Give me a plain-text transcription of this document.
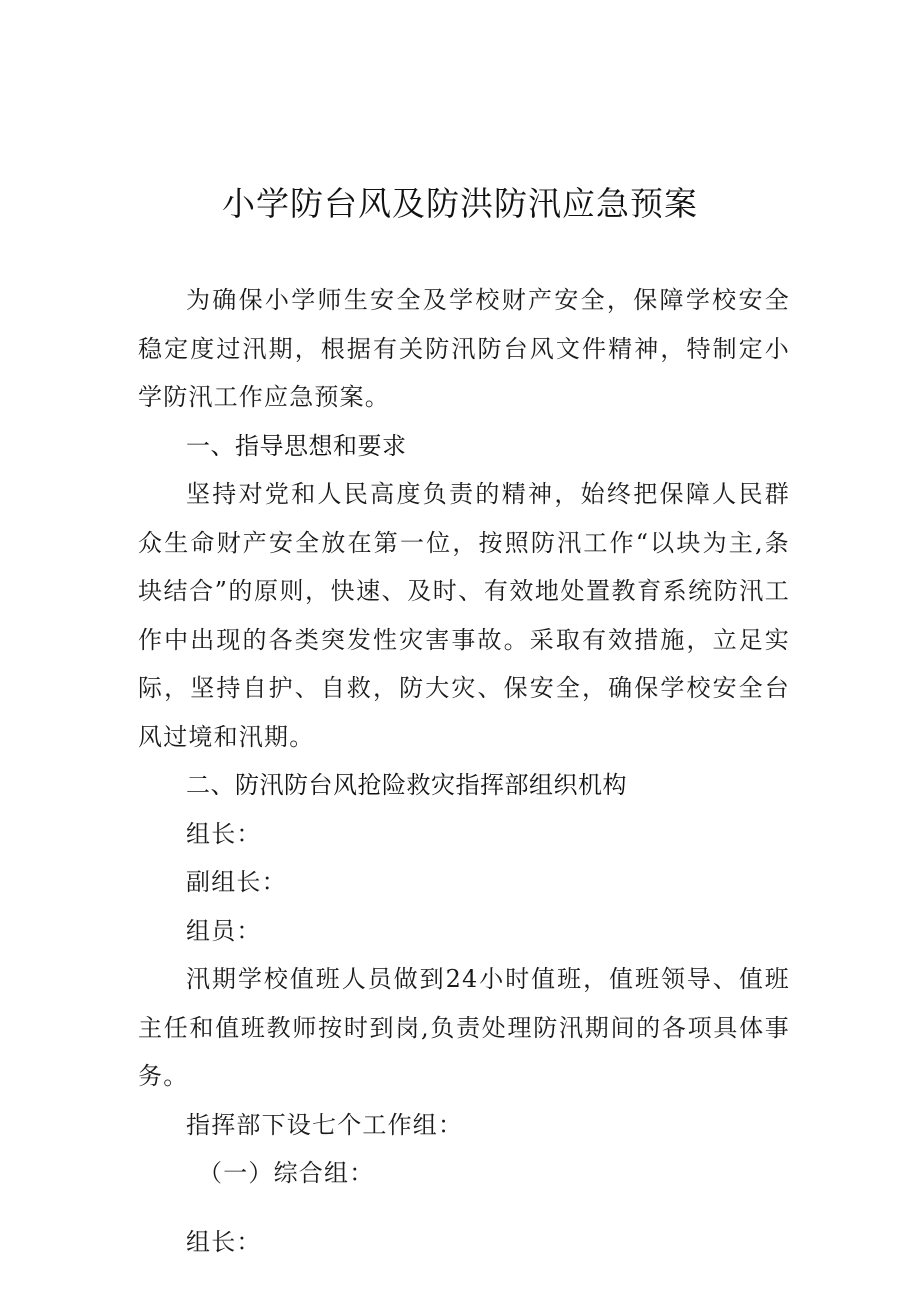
小学防台风及防洪防汛应急预案

为确保小学师生安全及学校财产安全，保障学校安全稳定度过汛期，根据有关防汛防台风文件精神，特制定小学防汛工作应急预案。

一、指导思想和要求

坚持对党和人民高度负责的精神，始终把保障人民群众生命财产安全放在第一位，按照防汛工作“以块为主,条块结合”的原则，快速、及时、有效地处置教育系统防汛工作中出现的各类突发性灾害事故。采取有效措施，立足实际，坚持自护、自救，防大灾、保安全，确保学校安全台风过境和汛期。

二、防汛防台风抢险救灾指挥部组织机构

组长：

副组长：

组员：

汛期学校值班人员做到24小时值班，值班领导、值班主任和值班教师按时到岗,负责处理防汛期间的各项具体事务。

指挥部下设七个工作组：

（一）综合组：

组长：
